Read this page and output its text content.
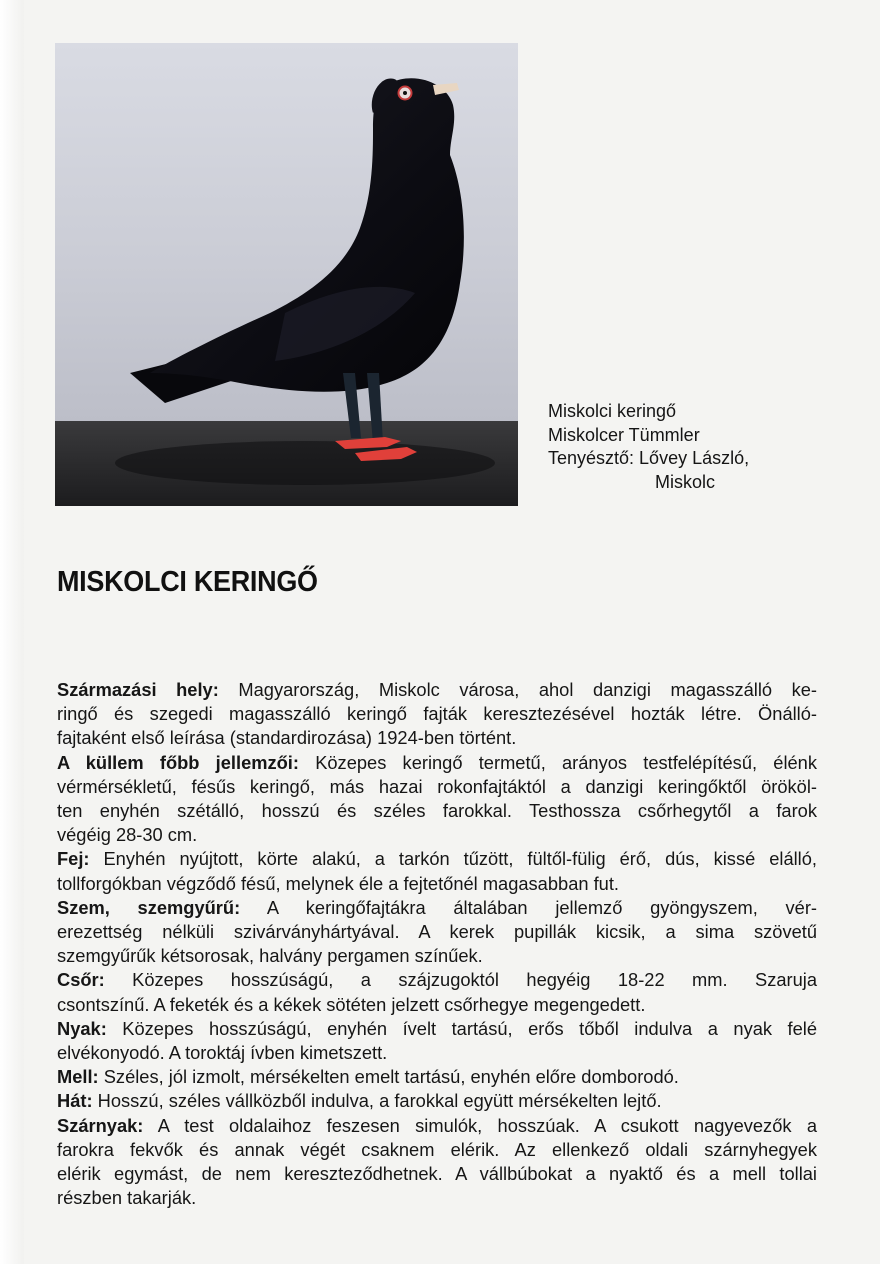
Miskolci keringő
Miskolcer Tümmler
Tenyésztő: Lővey László,
Miskolc
MISKOLCI KERINGŐ
Származási hely: Magyarország, Miskolc városa, ahol danzigi magasszálló ke-
ringő és szegedi magasszálló keringő fajták keresztezésével hozták létre. Önálló-
fajtaként első leírása (standardirozása) 1924-ben történt.
A küllem főbb jellemzői: Közepes keringő termetű, arányos testfelépítésű, élénk
vérmérsékletű, fésűs keringő, más hazai rokonfajtáktól a danzigi keringőktől örököl-
ten enyhén szétálló, hosszú és széles farokkal. Testhossza csőrhegytől a farok
végéig 28-30 cm.
Fej: Enyhén nyújtott, körte alakú, a tarkón tűzött, fültől-fülig érő, dús, kissé elálló,
tollforgókban végződő fésű, melynek éle a fejtetőnél magasabban fut.
Szem, szemgyűrű: A keringőfajtákra általában jellemző gyöngyszem, vér-
erezettség nélküli szivárványhártyával. A kerek pupillák kicsik, a sima szövetű
szemgyűrűk kétsorosak, halvány pergamen színűek.
Csőr: Közepes hosszúságú, a szájzugoktól hegyéig 18-22 mm. Szaruja
csontszínű. A feketék és a kékek sötéten jelzett csőrhegye megengedett.
Nyak: Közepes hosszúságú, enyhén ívelt tartású, erős tőből indulva a nyak felé
elvékonyodó. A toroktáj ívben kimetszett.
Mell: Széles, jól izmolt, mérsékelten emelt tartású, enyhén előre domborodó.
Hát: Hosszú, széles vállközből indulva, a farokkal együtt mérsékelten lejtő.
Szárnyak: A test oldalaihoz feszesen simulók, hosszúak. A csukott nagyevezők a
farokra fekvők és annak végét csaknem elérik. Az ellenkező oldali szárnyhegyek
elérik egymást, de nem kereszteződhetnek. A vállbúbokat a nyaktő és a mell tollai
részben takarják.
